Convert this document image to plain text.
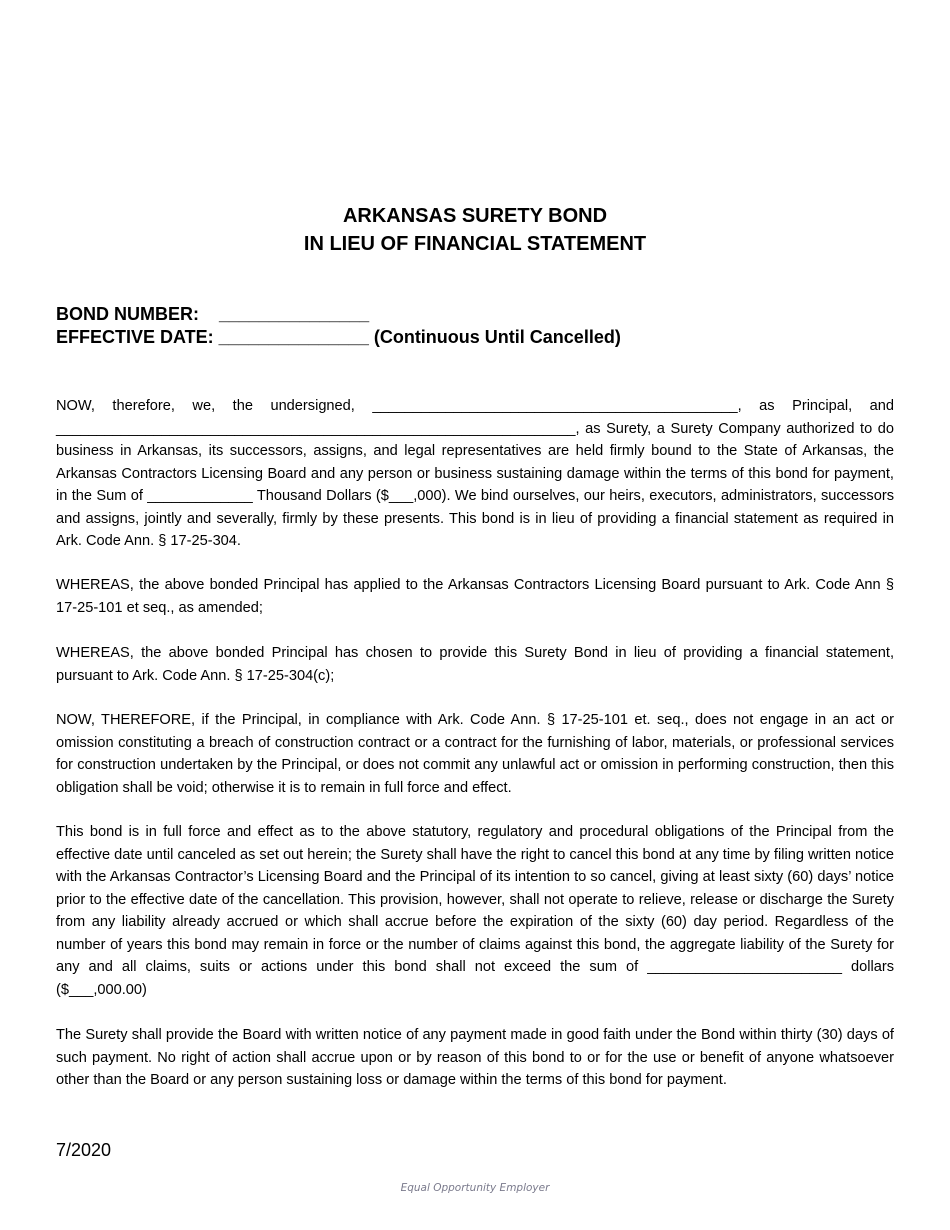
ARKANSAS SURETY BOND
IN LIEU OF FINANCIAL STATEMENT
BOND NUMBER:    _______________
EFFECTIVE DATE: _______________ (Continuous Until Cancelled)

NOW, therefore, we, the undersigned, _____________________________________________, as Principal, and ________________________________________________________________, as Surety, a Surety Company authorized to do business in Arkansas, its successors, assigns, and legal representatives are held firmly bound to the State of Arkansas, the Arkansas Contractors Licensing Board and any person or business sustaining damage within the terms of this bond for payment, in the Sum of _____________ Thousand Dollars ($___,000). We bind ourselves, our heirs, executors, administrators, successors and assigns, jointly and severally, firmly by these presents. This bond is in lieu of providing a financial statement as required in Ark. Code Ann. § 17-25-304.

WHEREAS, the above bonded Principal has applied to the Arkansas Contractors Licensing Board pursuant to Ark. Code Ann § 17-25-101 et seq., as amended;

WHEREAS, the above bonded Principal has chosen to provide this Surety Bond in lieu of providing a financial statement, pursuant to Ark. Code Ann. § 17-25-304(c);

NOW, THEREFORE, if the Principal, in compliance with Ark. Code Ann. § 17-25-101 et. seq., does not engage in an act or omission constituting a breach of construction contract or a contract for the furnishing of labor, materials, or professional services for construction undertaken by the Principal, or does not commit any unlawful act or omission in performing construction, then this obligation shall be void; otherwise it is to remain in full force and effect.

This bond is in full force and effect as to the above statutory, regulatory and procedural obligations of the Principal from the effective date until canceled as set out herein; the Surety shall have the right to cancel this bond at any time by filing written notice with the Arkansas Contractor’s Licensing Board and the Principal of its intention to so cancel, giving at least sixty (60) days’ notice prior to the effective date of the cancellation. This provision, however, shall not operate to relieve, release or discharge the Surety from any liability already accrued or which shall accrue before the expiration of the sixty (60) day period. Regardless of the number of years this bond may remain in force or the number of claims against this bond, the aggregate liability of the Surety for any and all claims, suits or actions under this bond shall not exceed the sum of ________________________ dollars ($___,000.00)

The Surety shall provide the Board with written notice of any payment made in good faith under the Bond within thirty (30) days of such payment. No right of action shall accrue upon or by reason of this bond to or for the use or benefit of anyone whatsoever other than the Board or any person sustaining loss or damage within the terms of this bond for payment.

7/2020
Equal Opportunity Employer
